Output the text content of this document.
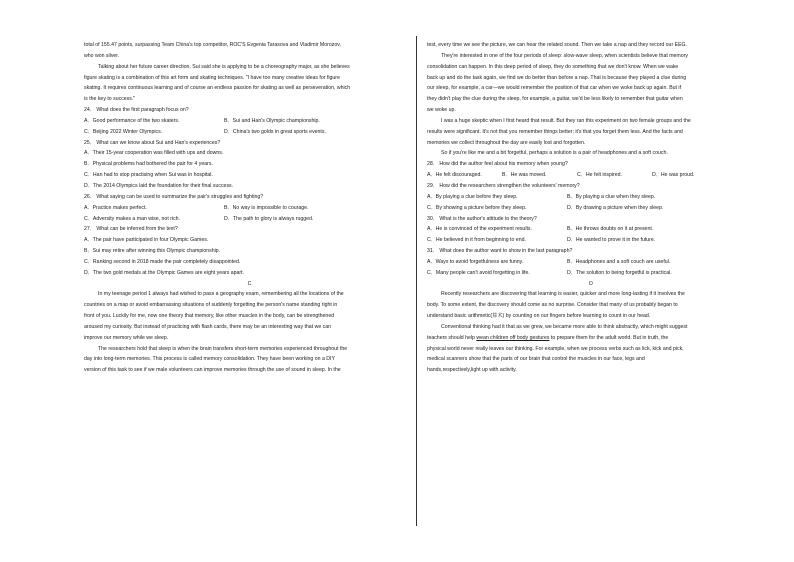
total of 155.47 points, surpassing Team China's top competitor, ROC'S Evgenia Tarasova and Vladimir Morozov,

who won silver.

Talking about her future career direction, Sui said she is applying to be a choreography major, as she believes

figure skating is a combination of this art form and skating techniques. "I have too many creative ideas for figure

skating. It requires continuous learning and of course an endless passion for skating as well as perseveration, which

is the key to success."

24． What does the first paragraph focus on?

A．Good performance of the two skaters.	B．Sui and Han's Olympic championship.
C．Beijing 2022 Winter Olympics.	D．China's two golds in great sports events.

25． What can we know about Sui and Han's experiences?

A．Their 15-year cooperation was filled with ups and downs.

B．Physical problems had bothered the pair for 4 years.

C．Han had to stop practising when Sui was in hospital.

D．The 2014 Olympics laid the foundation for their final success.

26． What saying can be used to summarize the pair's struggles and fighting?

A．Practice makes perfect.	B．No way is impossible to courage.
C．Adversity makes a man wise, not rich.	D．The path to glory is always rugged.

27． What can be inferred from the text?

A．The pair have participated in four Olympic Games.

B．Sui may retire after winning this Olympic championship.

C．Ranking second in 2018 made the pair completely disappointed.

D．The two gold medals at the Olympic Games are eight years apart.

C

In my teenage period 1 always had wished to pass a geography exam, remembering all the locations of the

countries on a map or avoid embarrassing situations of suddenly forgetting the person's name standing right in

front of you. Luckily for me, now one theory that memory, like other muscles in the body, can be strengthened

aroused my curiosity. But instead of practicing with flash cards, there may be an interesting way that we can

improve our memory while we sleep.

The researchers hold that sleep is when the brain transfers short-term memories experienced throughout the

day into long-term memories. This process is called memory consolidation. They have been working on a DIY

version of this task to see if we male volunteers can improve memories through the use of sound in sleep. In the

test, every time we see the picture, we can hear the related sound. Then we take a nap and they record our EEG.

They're interested in one of the four periods of sleep: slow-wave sleep, when scientists believe that memory

consolidation can happen. In this deep period of sleep, they do something that we don't know. When we wake

back up and do the task again, we find we do better than before a nap. That is because they played a clue during

our sleep, for example, a car—we would remember the position of that car when we woke back up again. But if

they didn't play the clue during the sleep, for example, a guitar, we'd be less likely to remember that guitar when

we woke up.

I was a huge skeptic when I first heard that result. But they ran this experiment on two female groups and the

results were significant. It's not that you remember things better; it's that you forget them less. And the facts and

memories we collect throughout the day are easily lost and forgotten.

So if you're like me and a bit forgetful, perhaps a solution is a pair of headphones and a soft couch.

28． How did the author feel about his memory when young?

A．He felt discouraged.	B．He was moved.	C．He felt inspired.	D．He was proud.

29． How did the researchers strengthen the volunteers' memory?

A．By playing a clue before they sleep.	B．By playing a clue when they sleep.
C．By showing a picture before they sleep.	D．By drawing a picture when they sleep.

30． What is the author's attitude to the theory?

A．He is convinced of the experiment results.	B．He throws doubts on it at present.
C．He believed in it from beginning to end.	D．He wanted to prove it in the future.

31． What does the author want to show in the last paragraph?

A．Ways to avoid forgetfulness are funny.	B．Headphones and a soft couch are useful.
C．Many people can't avoid forgetting in life.	D．The solution to being forgetful is practical.

D

Recently researchers are discovering that learning is easier, quicker and more long-lasting if it involves the

body. To some extent, the discovery should come as no surprise. Consider that many of us probably began to

understand basic arithmetic(算术) by counting on our fingers before learning to count in our head.

Conventional thinking had it that as we grew, we became more able to think abstractly, which might suggest

teachers should help wean children off body gestures to prepare them for the adult world. But in truth, the

physical world never really leaves our thinking. For example, when we process verbs such as lick, kick and pick,

medical scanners show that the parts of our brain that control the muscles in our face, legs and

hands,respectively,light up with activity.
